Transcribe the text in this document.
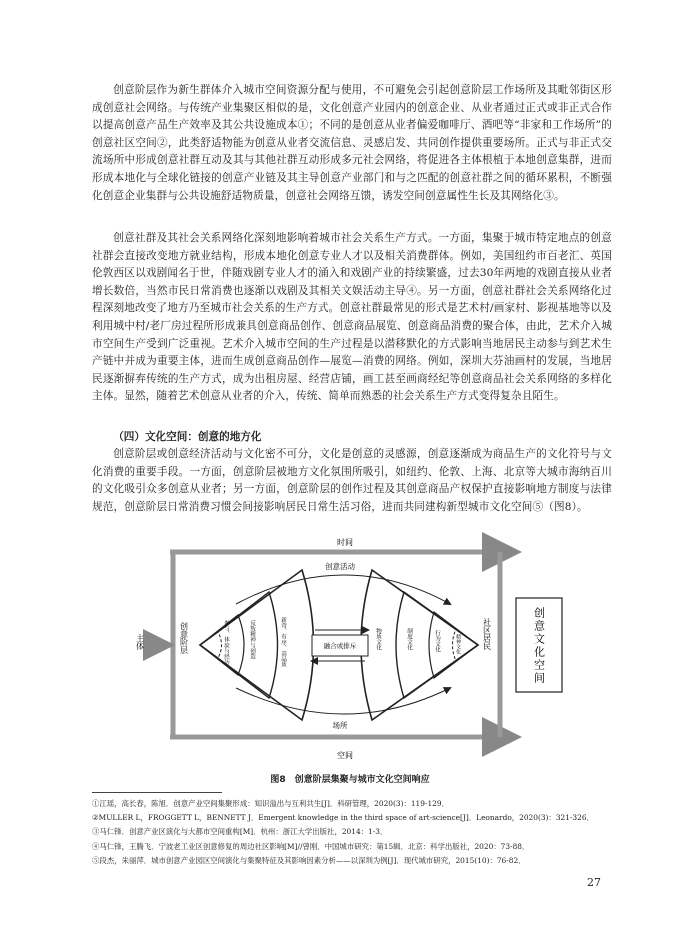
创意阶层作为新生群体介入城市空间资源分配与使用，不可避免会引起创意阶层工作场所及其毗邻街区形成创意社会网络。与传统产业集聚区相似的是，文化创意产业园内的创意企业、从业者通过正式或非正式合作以提高创意产品生产效率及其公共设施成本①；不同的是创意从业者偏爱咖啡厅、酒吧等“非家和工作场所”的创意社区空间②，此类舒适物能为创意从业者交流信息、灵感启发、共同创作提供重要场所。正式与非正式交流场所中形成创意社群互动及其与其他社群互动形成多元社会网络，将促进各主体根植于本地创意集群，进而形成本地化与全球化链接的创意产业链及其主导创意产业部门和与之匹配的创意社群之间的循环累积，不断强化创意企业集群与公共设施舒适物质量，创意社会网络互馈，诱发空间创意属性生长及其网络化③。

创意社群及其社会关系网络化深刻地影响着城市社会关系生产方式。一方面，集聚于城市特定地点的创意社群会直接改变地方就业结构，形成本地化创意专业人才以及相关消费群体。例如，美国纽约市百老汇、英国伦敦西区以戏剧闻名于世，伴随戏剧专业人才的涌入和戏剧产业的持续繁盛，过去30年两地的戏剧直接从业者增长数倍，当然市民日常消费也逐渐以戏剧及其相关文娱活动主导④。另一方面，创意社群社会关系网络化过程深刻地改变了地方乃至城市社会关系的生产方式。创意社群最常见的形式是艺术村/画家村、影视基地等以及利用城中村/老厂房过程所形成兼具创意商品创作、创意商品展览、创意商品消费的聚合体，由此，艺术介入城市空间生产受到广泛重视。艺术介入城市空间的生产过程是以潜移默化的方式影响当地居民主动参与到艺术生产链中并成为重要主体，进而生成创意商品创作—展览—消费的网络。例如，深圳大芬油画村的发展，当地居民逐渐摒弃传统的生产方式，成为出租房屋、经营店铺，画工甚至画商经纪等创意商品社会关系网络的多样化主体。显然，随着艺术创意从业者的介入，传统、简单而熟悉的社会关系生产方式变得复杂且陌生。

（四）文化空间：创意的地方化

创意阶层或创意经济活动与文化密不可分，文化是创意的灵感源，创意逐渐成为商品生产的文化符号与文化消费的重要手段。一方面，创意阶层被地方文化氛围所吸引，如纽约、伦敦、上海、北京等大城市海纳百川的文化吸引众多创意从业者；另一方面，创意阶层的创作过程及其创意商品产权保护直接影响地方制度与法律规范，创意阶层日常消费习惯会间接影响居民日常生活习俗，进而共同建构新型城市文化空间⑤（图8）。

时间
空间
主体	创意阶层	社区居民
参与、体验与经历	反叛精神与创造	新奇、有序、高品质	物质文化	制度文化	行为文化	精神文化
创意活动
场所
融合或排斥	创意文化空间
图8　创意阶层集聚与城市文化空间响应
①江瑶，高长春，陈旭．创意产业空间集聚形成：知识溢出与互利共生[J]．科研管理，2020(3)：119-129．
②MULLER L，FROGGETT L，BENNETT J．Emergent knowledge in the third space of art-science[J]．Leonardo，2020(3)：321-326．
③马仁锋．创意产业区演化与大都市空间重构[M]．杭州：浙江大学出版社，2014：1-3．
④马仁锋，王腾飞．宁波老工业区创意修复的周边社区影响[M]//曾刚．中国城市研究：第15辑．北京：科学出版社，2020：73-88．
⑤段杰，朱丽萍．城市创意产业园区空间演化与集聚特征及其影响因素分析——以深圳为例[J]．现代城市研究，2015(10)：76-82．
27
